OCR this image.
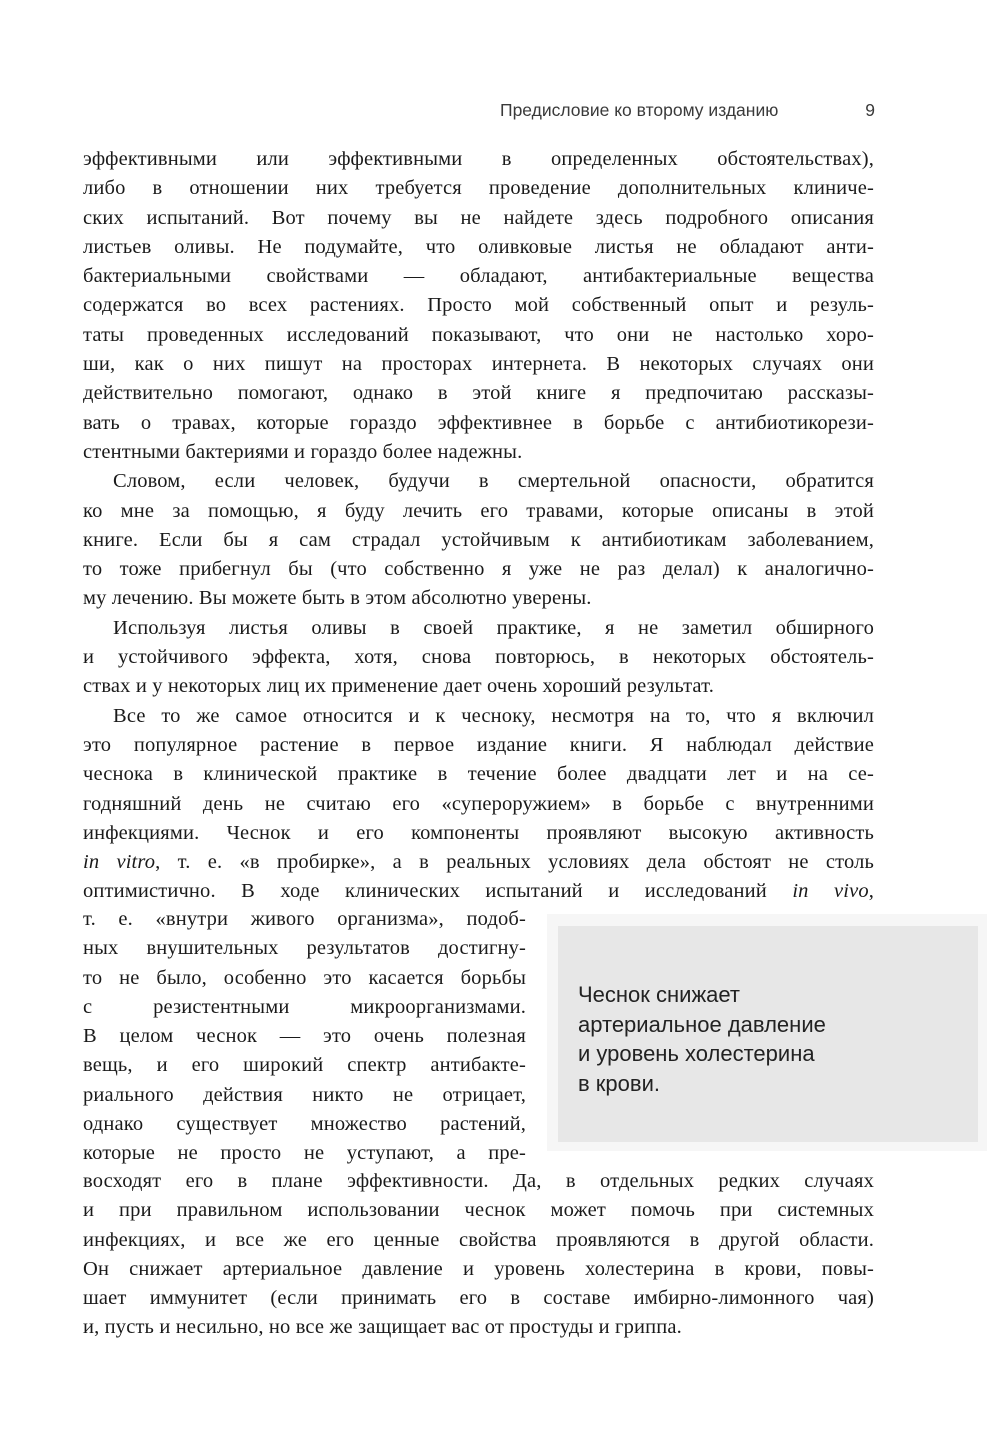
Предисловие ко второму изданию	9

эффективными или эффективными в определенных обстоятельствах),
либо в отношении них требуется проведение дополнительных клиниче-
ских испытаний. Вот почему вы не найдете здесь подробного описания
листьев оливы. Не подумайте, что оливковые листья не обладают анти-
бактериальными свойствами — обладают, антибактериальные вещества
содержатся во всех растениях. Просто мой собственный опыт и резуль-
таты проведенных исследований показывают, что они не настолько хоро-
ши, как о них пишут на просторах интернета. В некоторых случаях они
действительно помогают, однако в этой книге я предпочитаю рассказы-
вать о травах, которые гораздо эффективнее в борьбе с антибиотикорези-
стентными бактериями и гораздо более надежны.

Словом, если человек, будучи в смертельной опасности, обратится
ко мне за помощью, я буду лечить его травами, которые описаны в этой
книге. Если бы я сам страдал устойчивым к антибиотикам заболеванием,
то тоже прибегнул бы (что собственно я уже не раз делал) к аналогично-
му лечению. Вы можете быть в этом абсолютно уверены.

Используя листья оливы в своей практике, я не заметил обширного
и устойчивого эффекта, хотя, снова повторюсь, в некоторых обстоятель-
ствах и у некоторых лиц их применение дает очень хороший результат.

Все то же самое относится и к чесноку, несмотря на то, что я включил
это популярное растение в первое издание книги. Я наблюдал действие
чеснока в клинической практике в течение более двадцати лет и на се-
годняшний день не считаю его «супероружием» в борьбе с внутренними
инфекциями. Чеснок и его компоненты проявляют высокую активность
in vitro, т. е. «в пробирке», а в реальных условиях дела обстоят не столь
оптимистично. В ходе клинических испытаний и исследований in vivo,

т. е. «внутри живого организма», подоб-
ных внушительных результатов достигну-
то не было, особенно это касается борьбы
с резистентными микроорганизмами.
В целом чеснок — это очень полезная
вещь, и его широкий спектр антибакте-
риального действия никто не отрицает,
однако существует множество растений,
которые не просто не уступают, а пре-
Чеснок снижает
артериальное давление
и уровень холестерина
в крови.
восходят его в плане эффективности. Да, в отдельных редких случаях
и при правильном использовании чеснок может помочь при системных
инфекциях, и все же его ценные свойства проявляются в другой области.
Он снижает артериальное давление и уровень холестерина в крови, повы-
шает иммунитет (если принимать его в составе имбирно-лимонного чая)
и, пусть и несильно, но все же защищает вас от простуды и гриппа.
